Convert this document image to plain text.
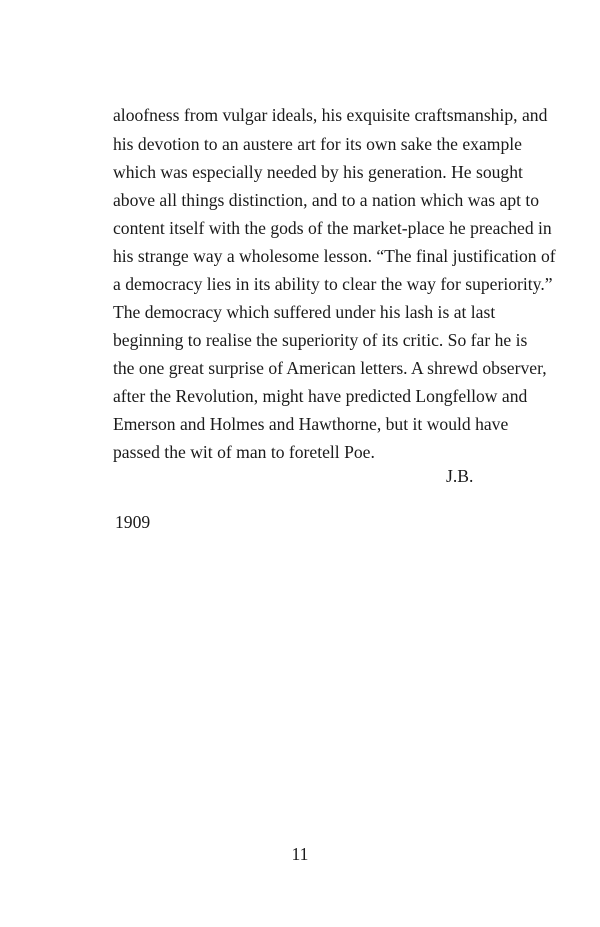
aloofness from vulgar ideals, his exquisite craftsmanship, and
his devotion to an austere art for its own sake the example
which was especially needed by his generation. He sought
above all things distinction, and to a nation which was apt to
content itself with the gods of the market-place he preached in
his strange way a wholesome lesson. “The final justification of
a democracy lies in its ability to clear the way for superiority.”
The democracy which suffered under his lash is at last
beginning to realise the superiority of its critic. So far he is
the one great surprise of American letters. A shrewd observer,
after the Revolution, might have predicted Longfellow and
Emerson and Holmes and Hawthorne, but it would have
passed the wit of man to foretell Poe.
J.B.
1909
11
